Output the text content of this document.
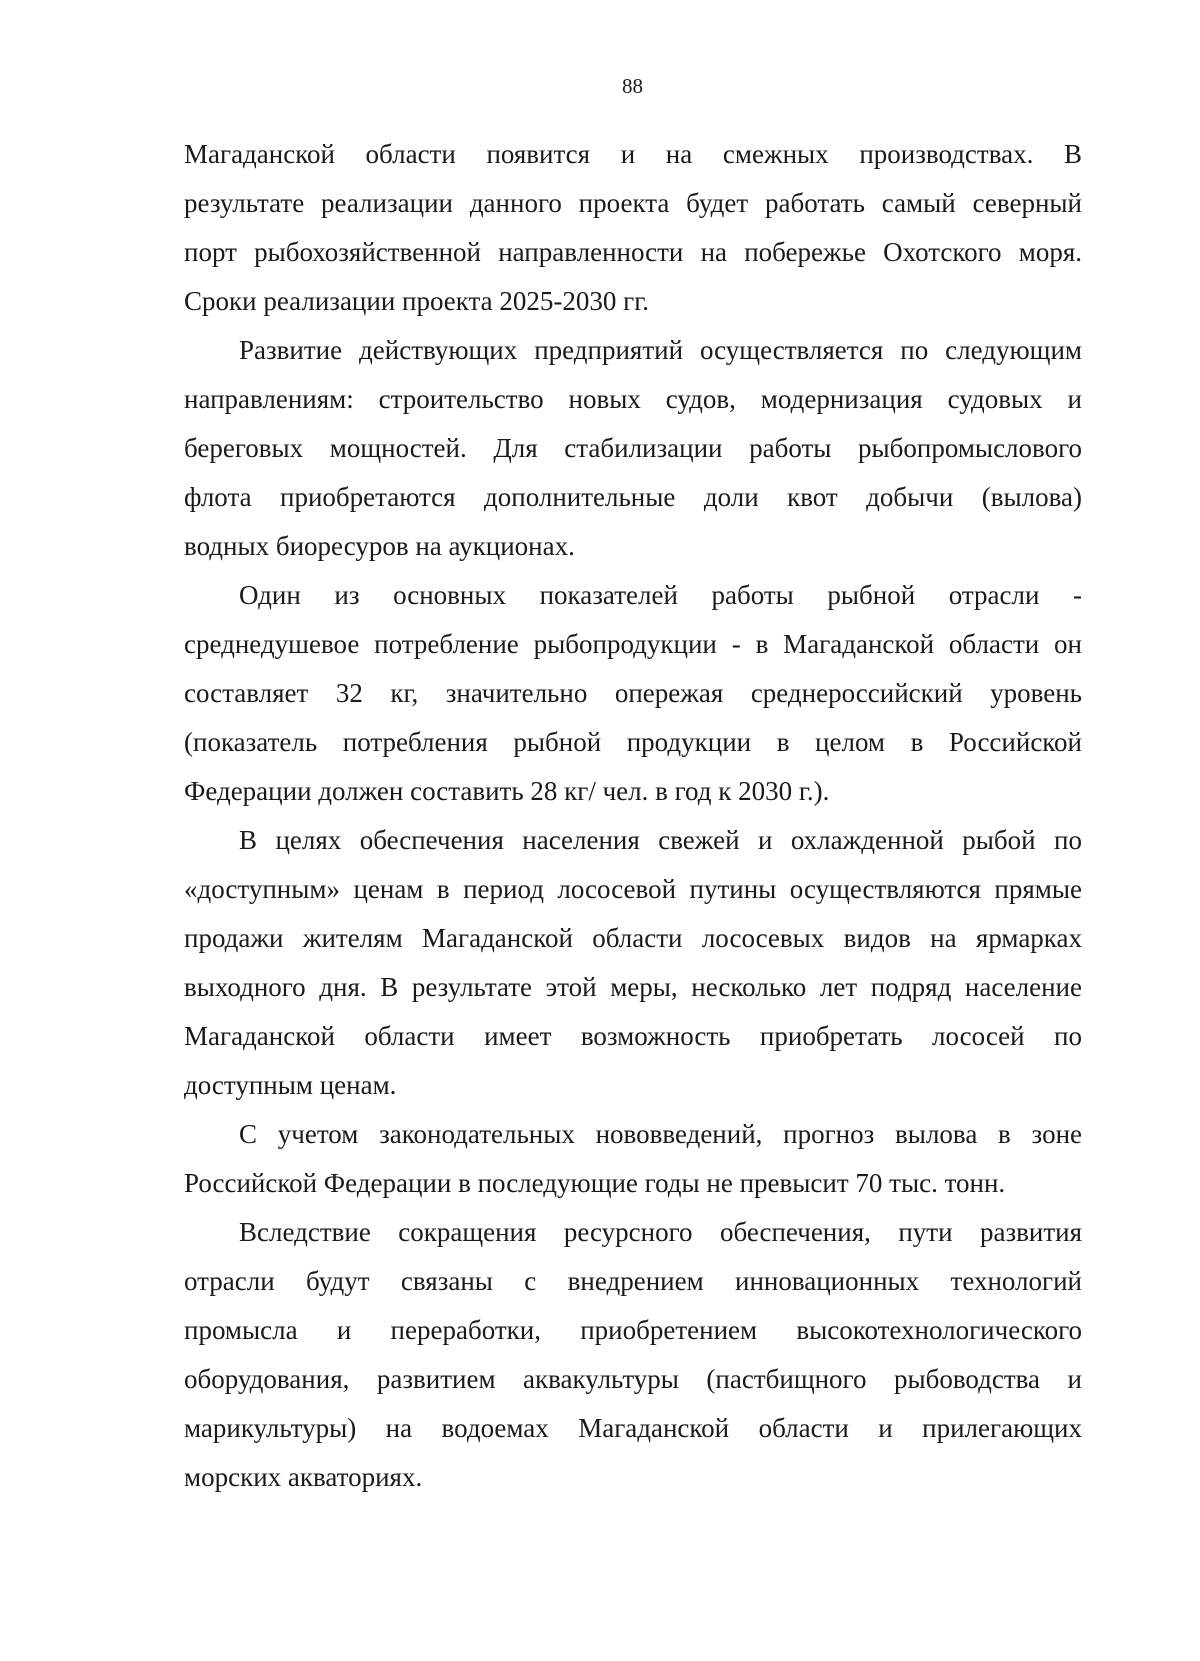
88

Магаданской области появится и на смежных производствах. В
результате реализации данного проекта будет работать самый северный
порт рыбохозяйственной направленности на побережье Охотского моря.
Сроки реализации проекта 2025-2030 гг.

Развитие действующих предприятий осуществляется по следующим
направлениям: строительство новых судов, модернизация судовых и
береговых мощностей. Для стабилизации работы рыбопромыслового
флота приобретаются дополнительные доли квот добычи (вылова)
водных биоресуров на аукционах.

Один из основных показателей работы рыбной отрасли -
среднедушевое потребление рыбопродукции - в Магаданской области он
составляет 32 кг, значительно опережая среднероссийский уровень
(показатель потребления рыбной продукции в целом в Российской
Федерации должен составить 28 кг/ чел. в год к 2030 г.).

В целях обеспечения населения свежей и охлажденной рыбой по
«доступным» ценам в период лососевой путины осуществляются прямые
продажи жителям Магаданской области лососевых видов на ярмарках
выходного дня. В результате этой меры, несколько лет подряд население
Магаданской области имеет возможность приобретать лососей по
доступным ценам.

С учетом законодательных нововведений, прогноз вылова в зоне
Российской Федерации в последующие годы не превысит 70 тыс. тонн.

Вследствие сокращения ресурсного обеспечения, пути развития
отрасли будут связаны с внедрением инновационных технологий
промысла и переработки, приобретением высокотехнологического
оборудования, развитием аквакультуры (пастбищного рыбоводства и
марикультуры) на водоемах Магаданской области и прилегающих
морских акваториях.
